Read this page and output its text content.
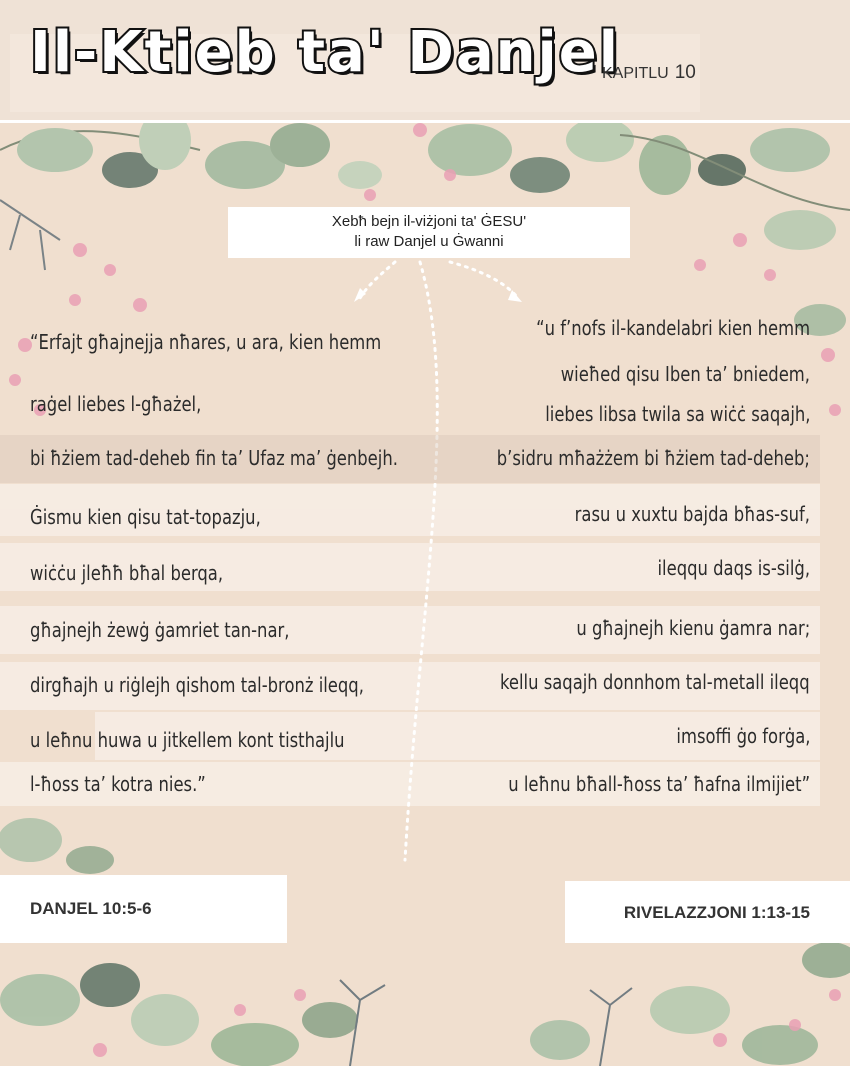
Il-Ktieb ta' Danjel
KAPITLU 10
Xebħ bejn il-viżjoni ta' ĠESU'
li raw Danjel u Ġwanni
“Erfajt għajnejja nħares, u ara, kien hemm
raġel liebes l-għażel,
bi ħżiem tad-deheb fin ta’ Ufaz ma’ ġenbejh.
Ġismu kien qisu tat-topazju,
wiċċu jleħħ bħal berqa,
għajnejh żewġ ġamriet tan-nar,
dirgħajh u riġlejh qishom tal-bronż ileqq,
u leħnu huwa u jitkellem kont tisthajlu
l-ħoss ta’ kotra nies.”
“u f’nofs il-kandelabri kien hemm
wieħed qisu Iben ta’ bniedem,
liebes libsa twila sa wiċċ saqajh,
b’sidru mħażżem bi ħżiem tad-deheb;
rasu u xuxtu bajda bħas-suf,
ileqqu daqs is-silġ,
u għajnejh kienu ġamra nar;
kellu saqajh donnhom tal-metall ileqq
imsoffi ġo forġa,
u leħnu bħall-ħoss ta’ ħafna ilmijiet”
DANJEL 10:5-6	RIVELAZZJONI 1:13-15
